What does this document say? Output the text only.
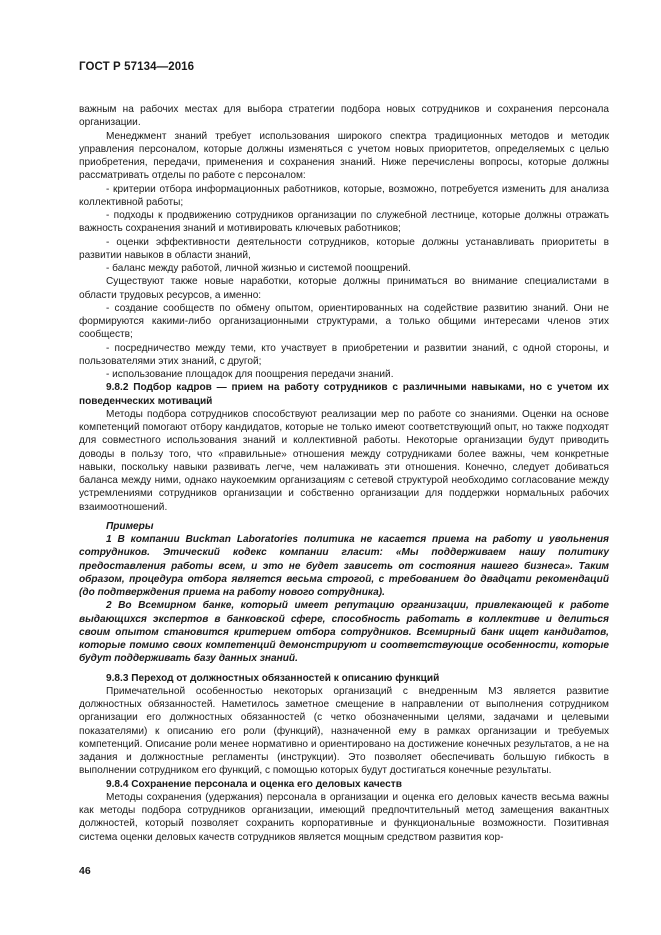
ГОСТ Р 57134—2016

важным на рабочих местах для выбора стратегии подбора новых сотрудников и сохранения персонала организации.

Менеджмент знаний требует использования широкого спектра традиционных методов и методик управления персоналом, которые должны изменяться с учетом новых приоритетов, определяемых с целью приобретения, передачи, применения и сохранения знаний. Ниже перечислены вопросы, которые должны рассматривать отделы по работе с персоналом:

- критерии отбора информационных работников, которые, возможно, потребуется изменить для анализа коллективной работы;

- подходы к продвижению сотрудников организации по служебной лестнице, которые должны отражать важность сохранения знаний и мотивировать ключевых работников;

- оценки эффективности деятельности сотрудников, которые должны устанавливать приоритеты в развитии навыков в области знаний,

- баланс между работой, личной жизнью и системой поощрений.

Существуют также новые наработки, которые должны приниматься во внимание специалистами в области трудовых ресурсов, а именно:

- создание сообществ по обмену опытом, ориентированных на содействие развитию знаний. Они не формируются какими-либо организационными структурами, а только общими интересами членов этих сообществ;

- посредничество между теми, кто участвует в приобретении и развитии знаний, с одной стороны, и пользователями этих знаний, с другой;

- использование площадок для поощрения передачи знаний.

9.8.2 Подбор кадров — прием на работу сотрудников с различными навыками, но с учетом их поведенческих мотиваций

Методы подбора сотрудников способствуют реализации мер по работе со знаниями. Оценки на основе компетенций помогают отбору кандидатов, которые не только имеют соответствующий опыт, но также подходят для совместного использования знаний и коллективной работы. Некоторые организации будут приводить доводы в пользу того, что «правильные» отношения между сотрудниками более важны, чем конкретные навыки, поскольку навыки развивать легче, чем налаживать эти отношения. Конечно, следует добиваться баланса между ними, однако наукоемким организациям с сетевой структурой необходимо согласование между устремлениями сотрудников организации и собственно организации для поддержки нормальных рабочих взаимоотношений.

Примеры

1 В компании Buckman Laboratories политика не касается приема на работу и увольнения сотрудников. Этический кодекс компании гласит: «Мы поддерживаем нашу политику предоставления работы всем, и это не будет зависеть от состояния нашего бизнеса». Таким образом, процедура отбора является весьма строгой, с требованием до двадцати рекомендаций (до подтверждения приема на работу нового сотрудника).

2 Во Всемирном банке, который имеет репутацию организации, привлекающей к работе выдающихся экспертов в банковской сфере, способность работать в коллективе и делиться своим опытом становится критерием отбора сотрудников. Всемирный банк ищет кандидатов, которые помимо своих компетенций демонстрируют и соответствующие особенности, которые будут поддерживать базу данных знаний.

9.8.3 Переход от должностных обязанностей к описанию функций

Примечательной особенностью некоторых организаций с внедренным МЗ является развитие должностных обязанностей. Наметилось заметное смещение в направлении от выполнения сотрудником организации его должностных обязанностей (с четко обозначенными целями, задачами и целевыми показателями) к описанию его роли (функций), назначенной ему в рамках организации и требуемых компетенций. Описание роли менее нормативно и ориентировано на достижение конечных результатов, а не на задания и должностные регламенты (инструкции). Это позволяет обеспечивать большую гибкость в выполнении сотрудником его функций, с помощью которых будут достигаться конечные результаты.

9.8.4 Сохранение персонала и оценка его деловых качеств

Методы сохранения (удержания) персонала в организации и оценка его деловых качеств весьма важны как методы подбора сотрудников организации, имеющий предпочтительный метод замещения вакантных должностей, который позволяет сохранить корпоративные и функциональные возможности. Позитивная система оценки деловых качеств сотрудников является мощным средством развития кор-

46
